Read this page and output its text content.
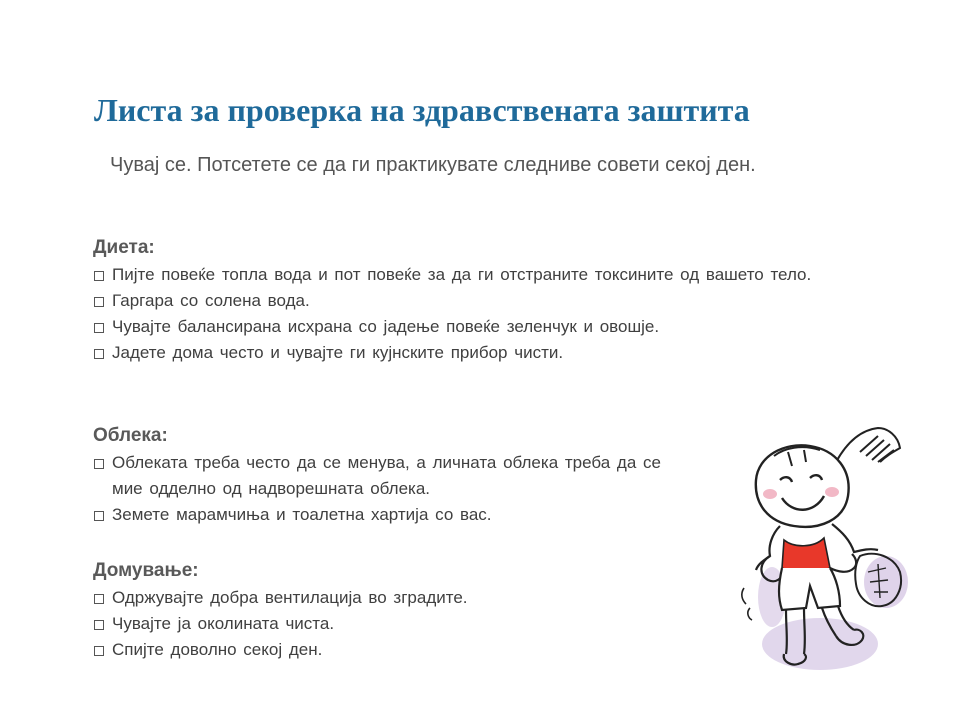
Листа за проверка на здравствената заштита

Чувај се. Потсетете се да ги практикувате следниве совети секој ден.

Диета:
Пијте повеќе топла вода и пот повеќе за да ги отстраните токсините од вашето тело.
Гаргара со солена вода.
Чувајте балансирана исхрана со јадење повеќе зеленчук и овошје.
Јадете дома често и чувајте ги кујнските прибор чисти.
Облека:
Облеката треба често да се менува, а личната облека треба да се мие одделно од надворешната облека.
Земете марамчиња и тоалетна хартија со вас.
Домување:
Одржувајте добра вентилација во зградите.
Чувајте ја околината чиста.
Спијте доволно секој ден.
